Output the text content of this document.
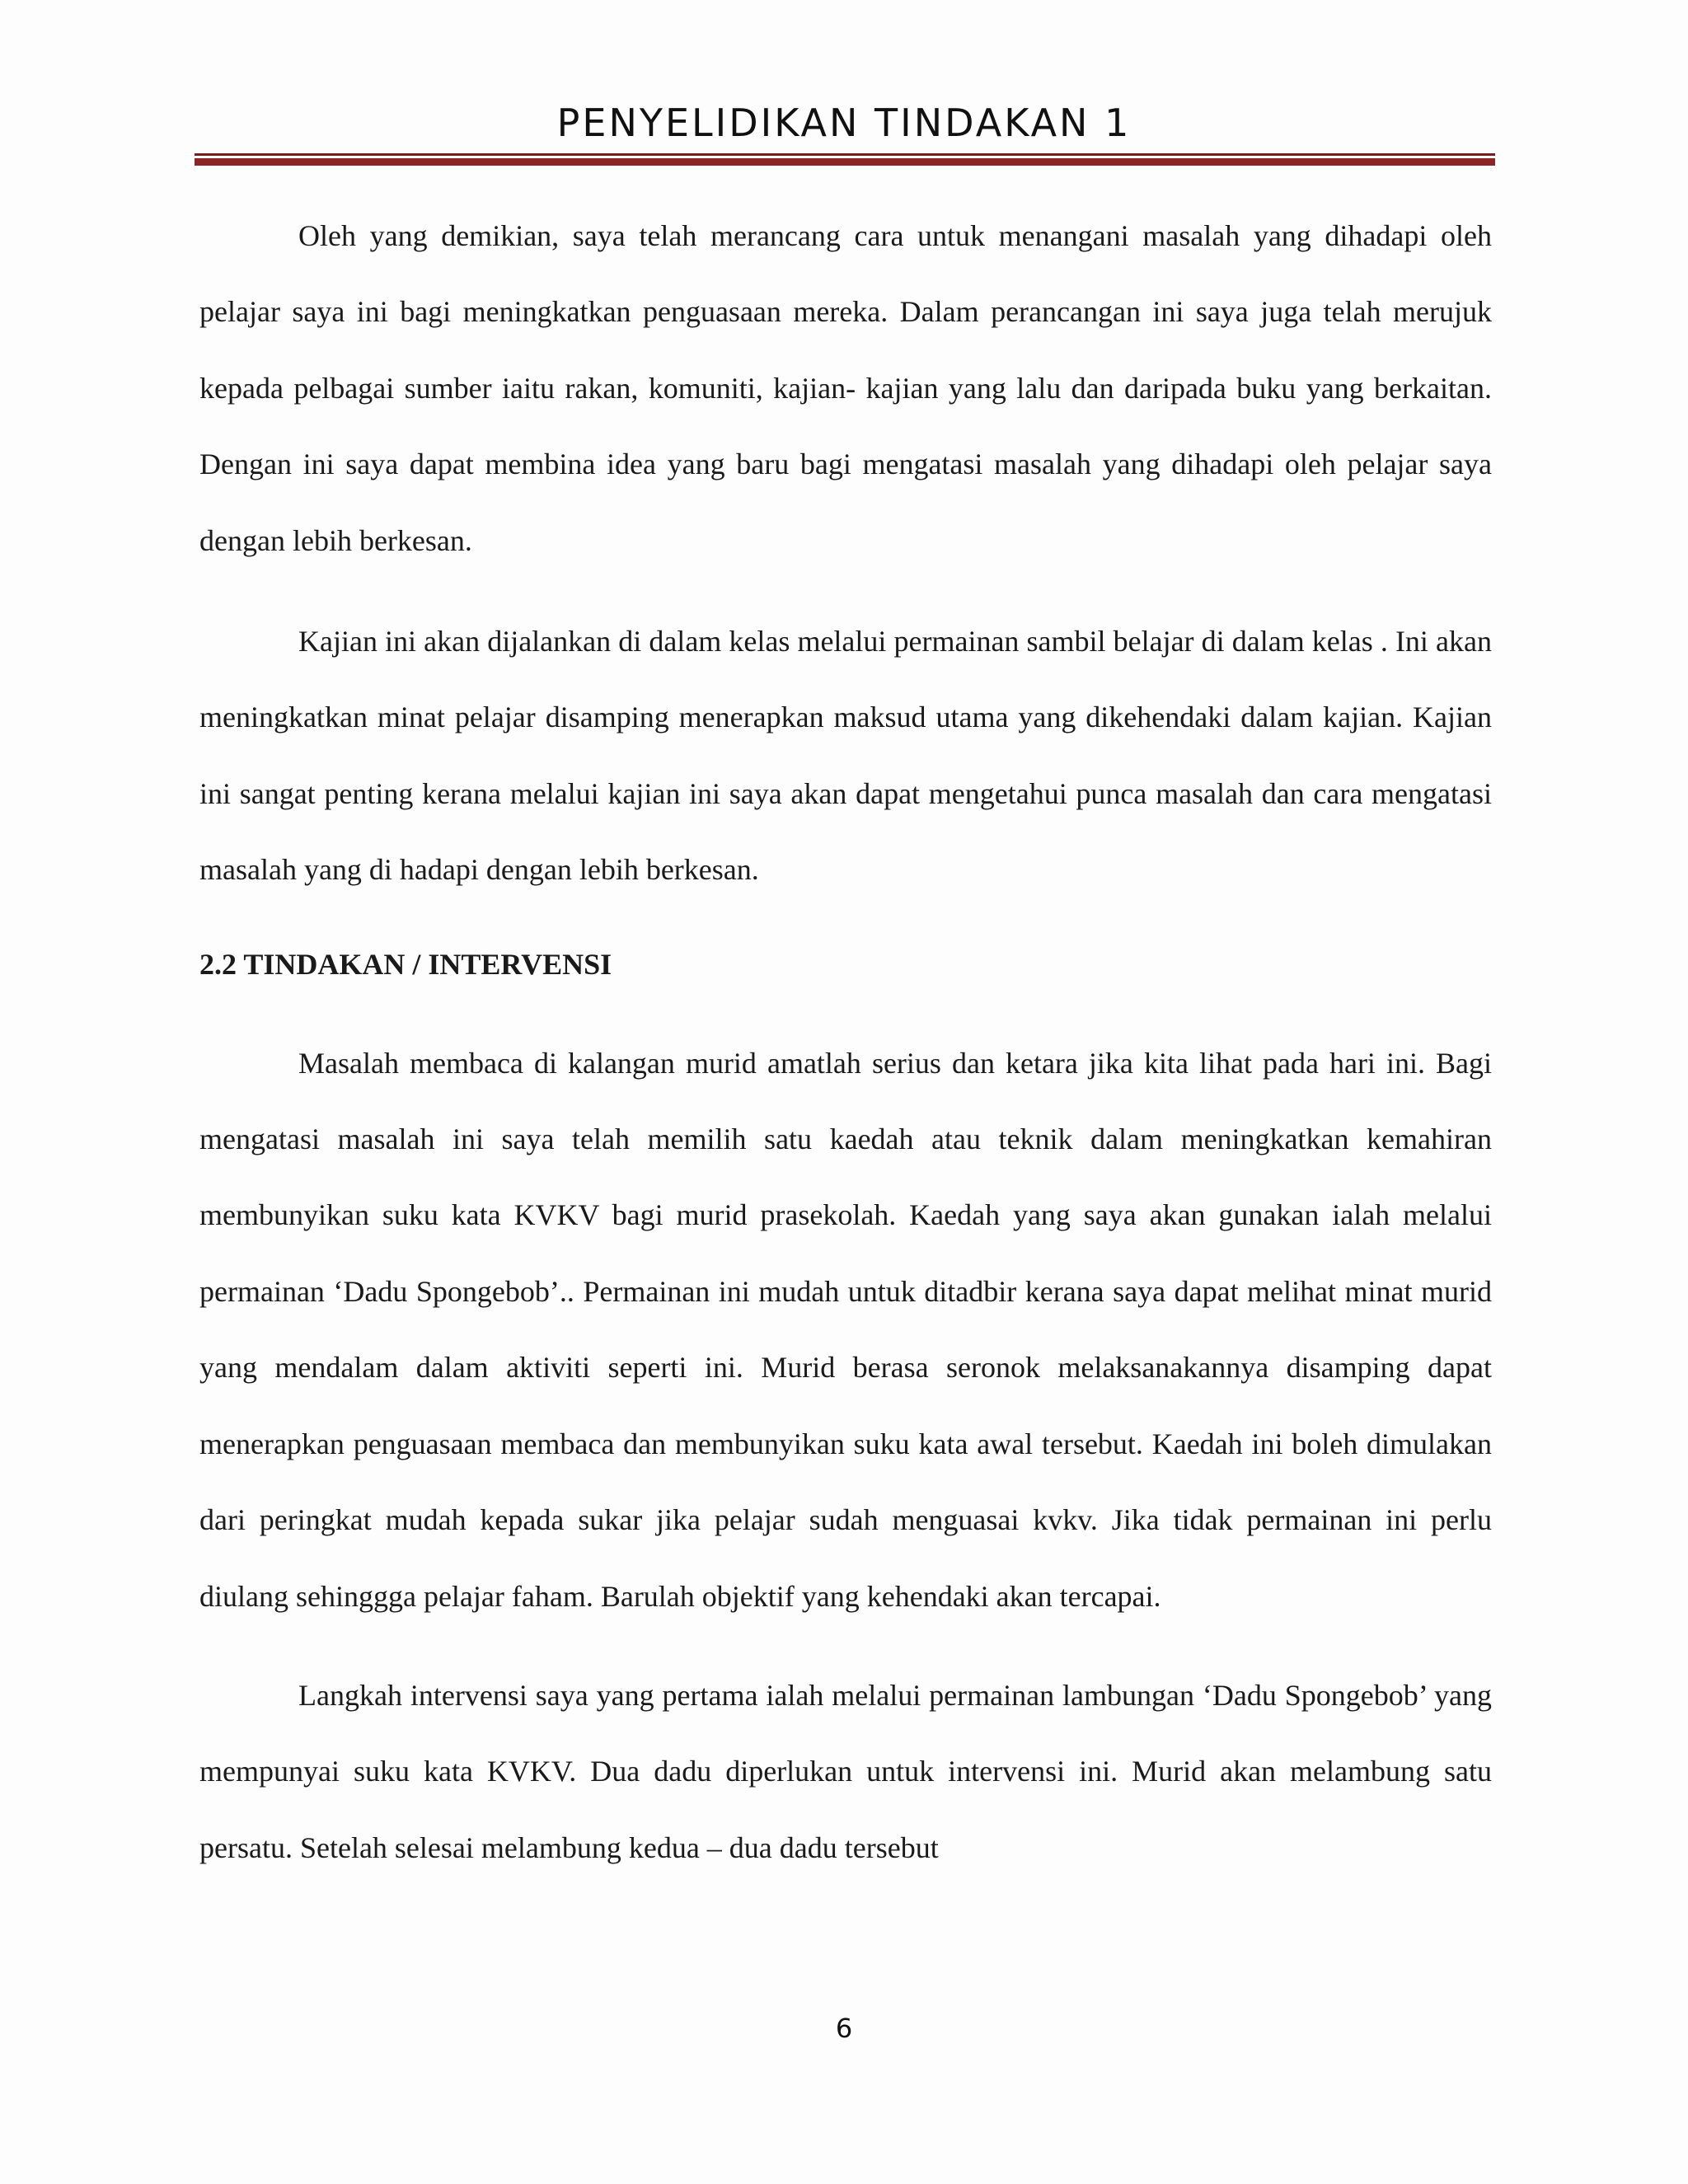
PENYELIDIKAN TINDAKAN 1

Oleh yang demikian, saya telah merancang cara untuk menangani masalah yang dihadapi oleh pelajar saya ini bagi meningkatkan penguasaan mereka. Dalam perancangan ini saya juga telah merujuk kepada pelbagai sumber iaitu rakan, komuniti, kajian- kajian yang lalu dan daripada buku yang berkaitan. Dengan ini saya dapat membina idea yang baru bagi mengatasi masalah yang dihadapi oleh pelajar saya dengan lebih berkesan.

Kajian ini akan dijalankan di dalam kelas melalui permainan sambil belajar di dalam kelas . Ini akan meningkatkan minat pelajar disamping menerapkan maksud utama yang dikehendaki dalam kajian. Kajian ini sangat penting kerana melalui kajian ini saya akan dapat mengetahui punca masalah dan cara mengatasi masalah yang di hadapi dengan lebih berkesan.

2.2 TINDAKAN / INTERVENSI

Masalah membaca di kalangan murid amatlah serius dan ketara jika kita lihat pada hari ini. Bagi mengatasi masalah ini saya telah memilih satu kaedah atau teknik dalam meningkatkan kemahiran membunyikan suku kata KVKV bagi murid prasekolah. Kaedah yang saya akan gunakan ialah melalui permainan ‘Dadu Spongebob’.. Permainan ini mudah untuk ditadbir kerana saya dapat melihat minat murid yang mendalam dalam aktiviti seperti ini. Murid berasa seronok melaksanakannya disamping dapat menerapkan penguasaan membaca dan membunyikan suku kata awal tersebut. Kaedah ini boleh dimulakan dari peringkat mudah kepada sukar jika pelajar sudah menguasai kvkv. Jika tidak permainan ini perlu diulang sehinggga pelajar faham. Barulah objektif yang kehendaki akan tercapai.

Langkah intervensi saya yang pertama ialah melalui permainan lambungan ‘Dadu Spongebob’ yang mempunyai suku kata KVKV. Dua dadu diperlukan untuk intervensi ini. Murid akan melambung satu persatu. Setelah selesai melambung kedua – dua dadu tersebut

6
